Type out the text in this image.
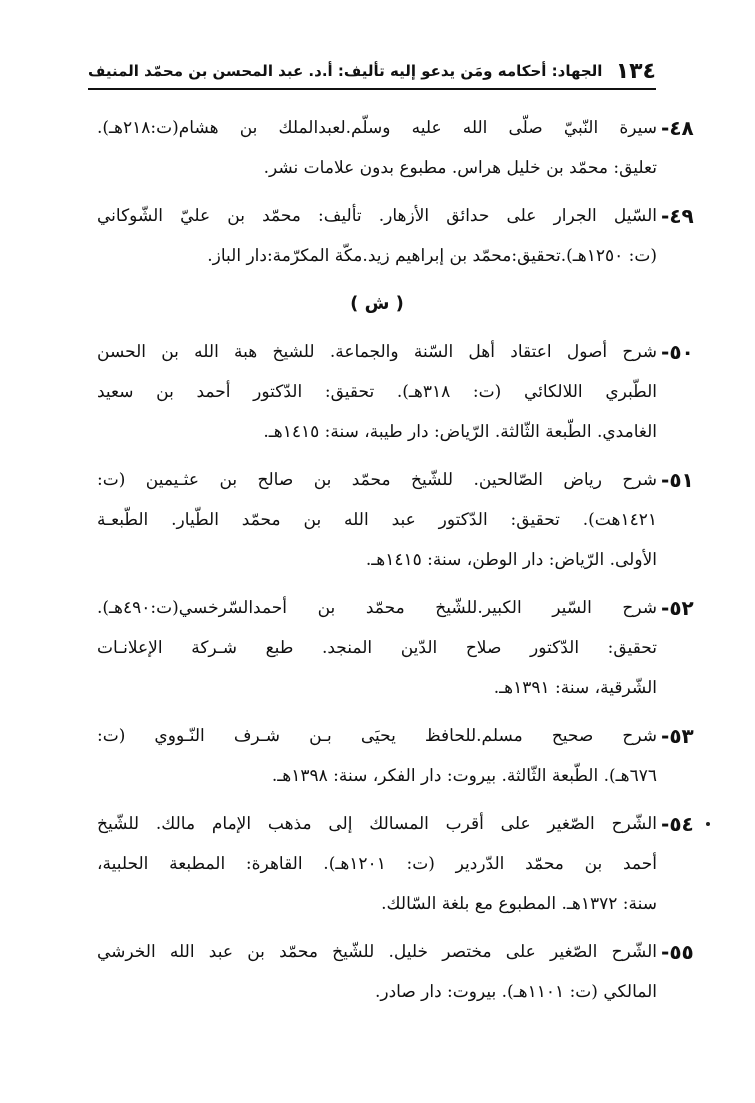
١٣٤
الجهاد: أحكامه ومَن يدعو إليه تأليف: أ.د. عبد المحسن بن محمّد المنيف
٤٨-
سيرة النّبيّ صلّى الله عليه وسلّم.لعبدالملك بن هشام(ت:٢١٨هـ).
تعليق: محمّد بن خليل هراس. مطبوع بدون علامات نشر.
٤٩-
السّيل الجرار على حدائق الأزهار. تأليف: محمّد بن عليّ الشّوكاني
(ت: ١٢٥٠هـ).تحقيق:محمّد بن إبراهيم زيد.مكّة المكرّمة:دار الباز.
( ش )
٥٠-
شرح أصول اعتقاد أهل السّنة والجماعة. للشيخ هبة الله بن الحسن
الطّبري اللالكائي (ت: ٣١٨هـ). تحقيق: الدّكتور أحمد بن سعيد
الغامدي. الطّبعة الثّالثة. الرّياض: دار طيبة، سنة: ١٤١٥هـ.
٥١-
شرح رياض الصّالحين. للشّيخ محمّد بن صالح بن عثـيمين (ت:
١٤٢١هت). تحقيق: الدّكتور عبد الله بن محمّد الطّيار. الطّبعـة
الأولى. الرّياض: دار الوطن، سنة: ١٤١٥هـ.
٥٢-
شرح السّير الكبير.للشّيخ محمّد بن أحمدالسّرخسي(ت:٤٩٠هـ).
تحقيق: الدّكتور صلاح الدّين المنجد. طبع شـركة الإعلانـات
الشّرقية، سنة: ١٣٩١هـ.
٥٣-
شرح صحيح مسلم.للحافظ يحيَى بـن شـرف النّـووي (ت:
٦٧٦هـ). الطّبعة الثّالثة. بيروت: دار الفكر، سنة: ١٣٩٨هـ.
٥٤-
الشّرح الصّغير على أقرب المسالك إلى مذهب الإمام مالك. للشّيخ
أحمد بن محمّد الدّردير (ت: ١٢٠١هـ). القاهرة: المطبعة الحلبية،
سنة: ١٣٧٢هـ. المطبوع مع بلغة السّالك.
٥٥-
الشّرح الصّغير على مختصر خليل. للشّيخ محمّد بن عبد الله الخرشي
المالكي (ت: ١١٠١هـ). بيروت: دار صادر.
